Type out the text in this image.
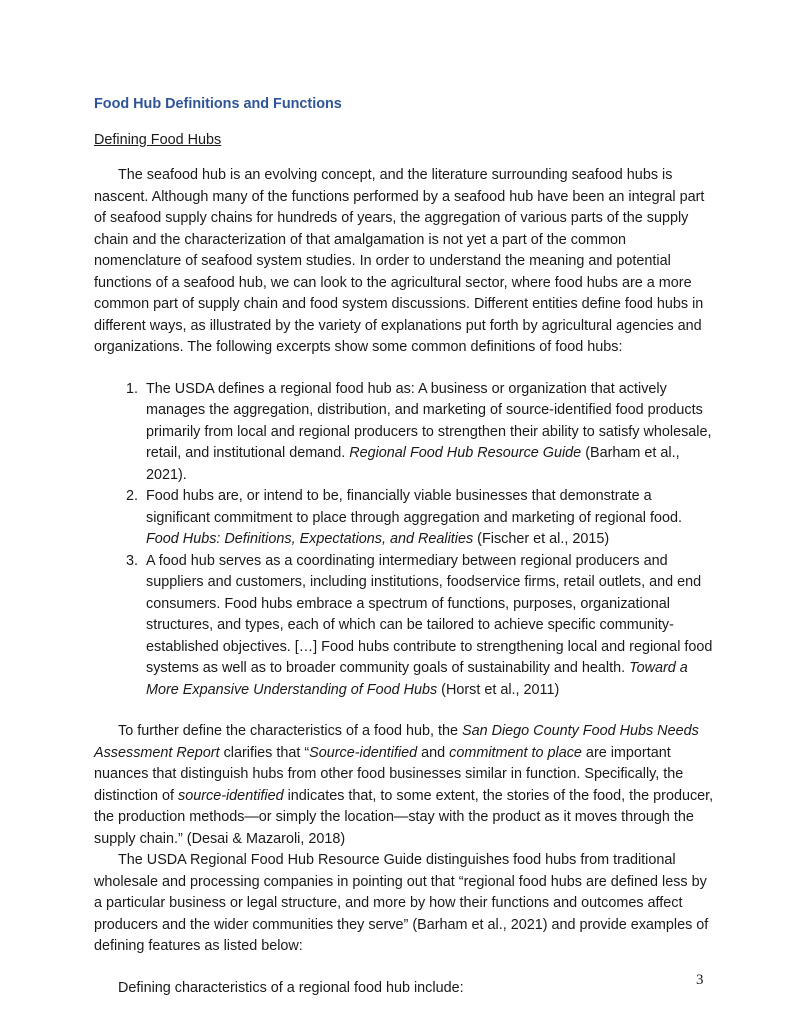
Food Hub Definitions and Functions
Defining Food Hubs

The seafood hub is an evolving concept, and the literature surrounding seafood hubs is nascent. Although many of the functions performed by a seafood hub have been an integral part of seafood supply chains for hundreds of years, the aggregation of various parts of the supply chain and the characterization of that amalgamation is not yet a part of the common nomenclature of seafood system studies. In order to understand the meaning and potential functions of a seafood hub, we can look to the agricultural sector, where food hubs are a more common part of supply chain and food system discussions. Different entities define food hubs in different ways, as illustrated by the variety of explanations put forth by agricultural agencies and organizations. The following excerpts show some common definitions of food hubs:

1. The USDA defines a regional food hub as: A business or organization that actively manages the aggregation, distribution, and marketing of source-identified food products primarily from local and regional producers to strengthen their ability to satisfy wholesale, retail, and institutional demand. Regional Food Hub Resource Guide (Barham et al., 2021).
2. Food hubs are, or intend to be, financially viable businesses that demonstrate a significant commitment to place through aggregation and marketing of regional food. Food Hubs: Definitions, Expectations, and Realities (Fischer et al., 2015)
3. A food hub serves as a coordinating intermediary between regional producers and suppliers and customers, including institutions, foodservice firms, retail outlets, and end consumers. Food hubs embrace a spectrum of functions, purposes, organizational structures, and types, each of which can be tailored to achieve specific community-established objectives. […] Food hubs contribute to strengthening local and regional food systems as well as to broader community goals of sustainability and health. Toward a More Expansive Understanding of Food Hubs (Horst et al., 2011)

To further define the characteristics of a food hub, the San Diego County Food Hubs Needs Assessment Report clarifies that “Source-identified and commitment to place are important nuances that distinguish hubs from other food businesses similar in function. Specifically, the distinction of source-identified indicates that, to some extent, the stories of the food, the producer, the production methods—or simply the location—stay with the product as it moves through the supply chain.” (Desai & Mazaroli, 2018)

The USDA Regional Food Hub Resource Guide distinguishes food hubs from traditional wholesale and processing companies in pointing out that “regional food hubs are defined less by a particular business or legal structure, and more by how their functions and outcomes affect producers and the wider communities they serve” (Barham et al., 2021) and provide examples of defining features as listed below:

Defining characteristics of a regional food hub include:	3
